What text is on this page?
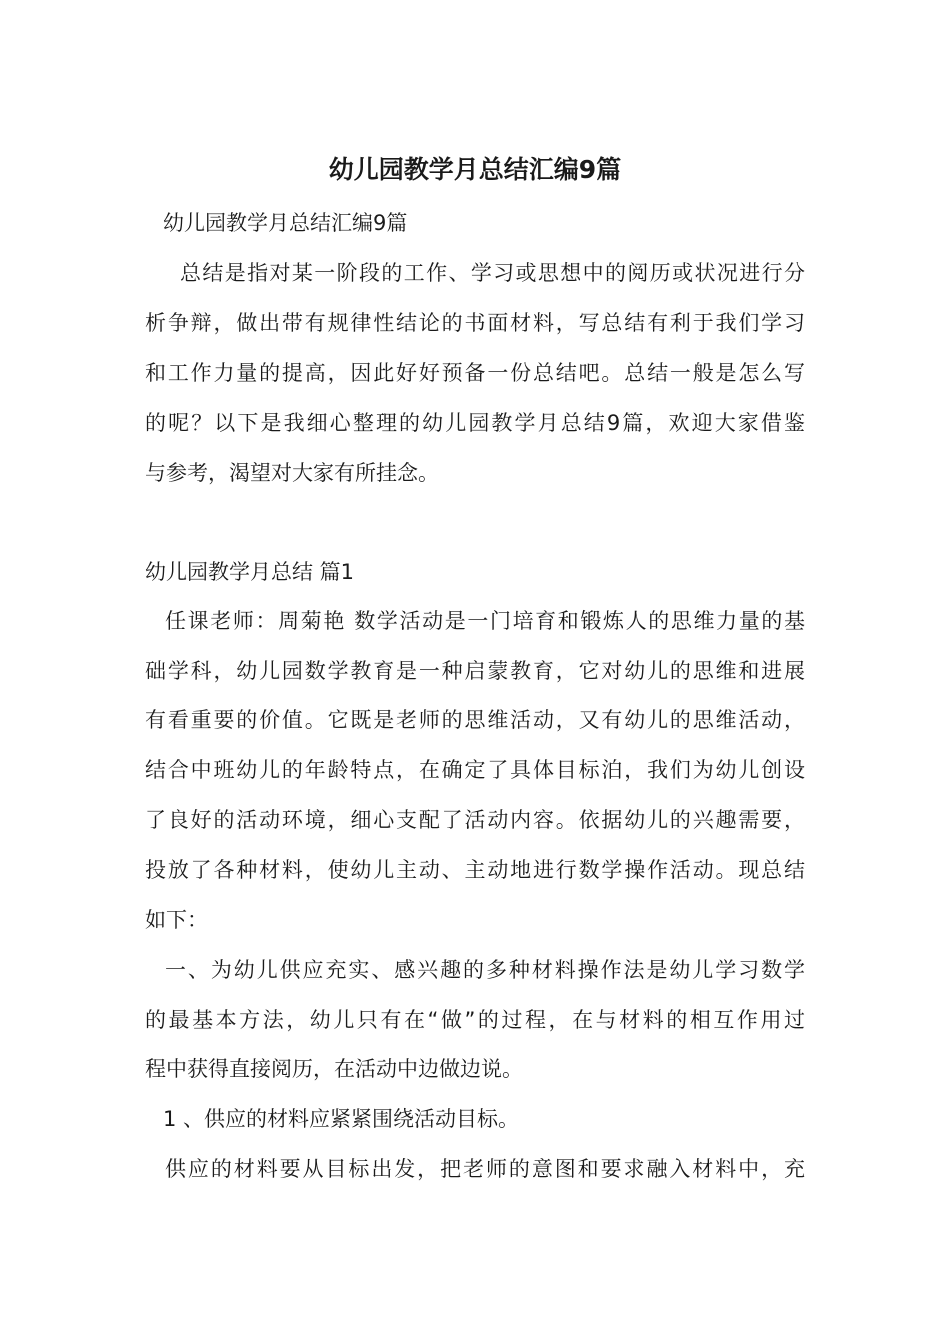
幼儿园教学月总结汇编9篇
幼儿园教学月总结汇编9篇
总结是指对某一阶段的工作、学习或思想中的阅历或状况进行分
析争辩，做出带有规律性结论的书面材料，写总结有利于我们学习
和工作力量的提高，因此好好预备一份总结吧。总结一般是怎么写
的呢？以下是我细心整理的幼儿园教学月总结9篇，欢迎大家借鉴
与参考，渴望对大家有所挂念。
幼儿园教学月总结 篇1
任课老师：周菊艳 数学活动是一门培育和锻炼人的思维力量的基
础学科，幼儿园数学教育是一种启蒙教育，它对幼儿的思维和进展
有看重要的价值。它既是老师的思维活动，又有幼儿的思维活动，
结合中班幼儿的年龄特点，在确定了具体目标泊，我们为幼儿创设
了良好的活动环境，细心支配了活动内容。依据幼儿的兴趣需要，
投放了各种材料，使幼儿主动、主动地进行数学操作活动。现总结
如下：
一、为幼儿供应充实、感兴趣的多种材料操作法是幼儿学习数学
的最基本方法，幼儿只有在“做”的过程，在与材料的相互作用过
程中获得直接阅历，在活动中边做边说。
1 、供应的材料应紧紧围绕活动目标。
供应的材料要从目标出发，把老师的意图和要求融入材料中，充
